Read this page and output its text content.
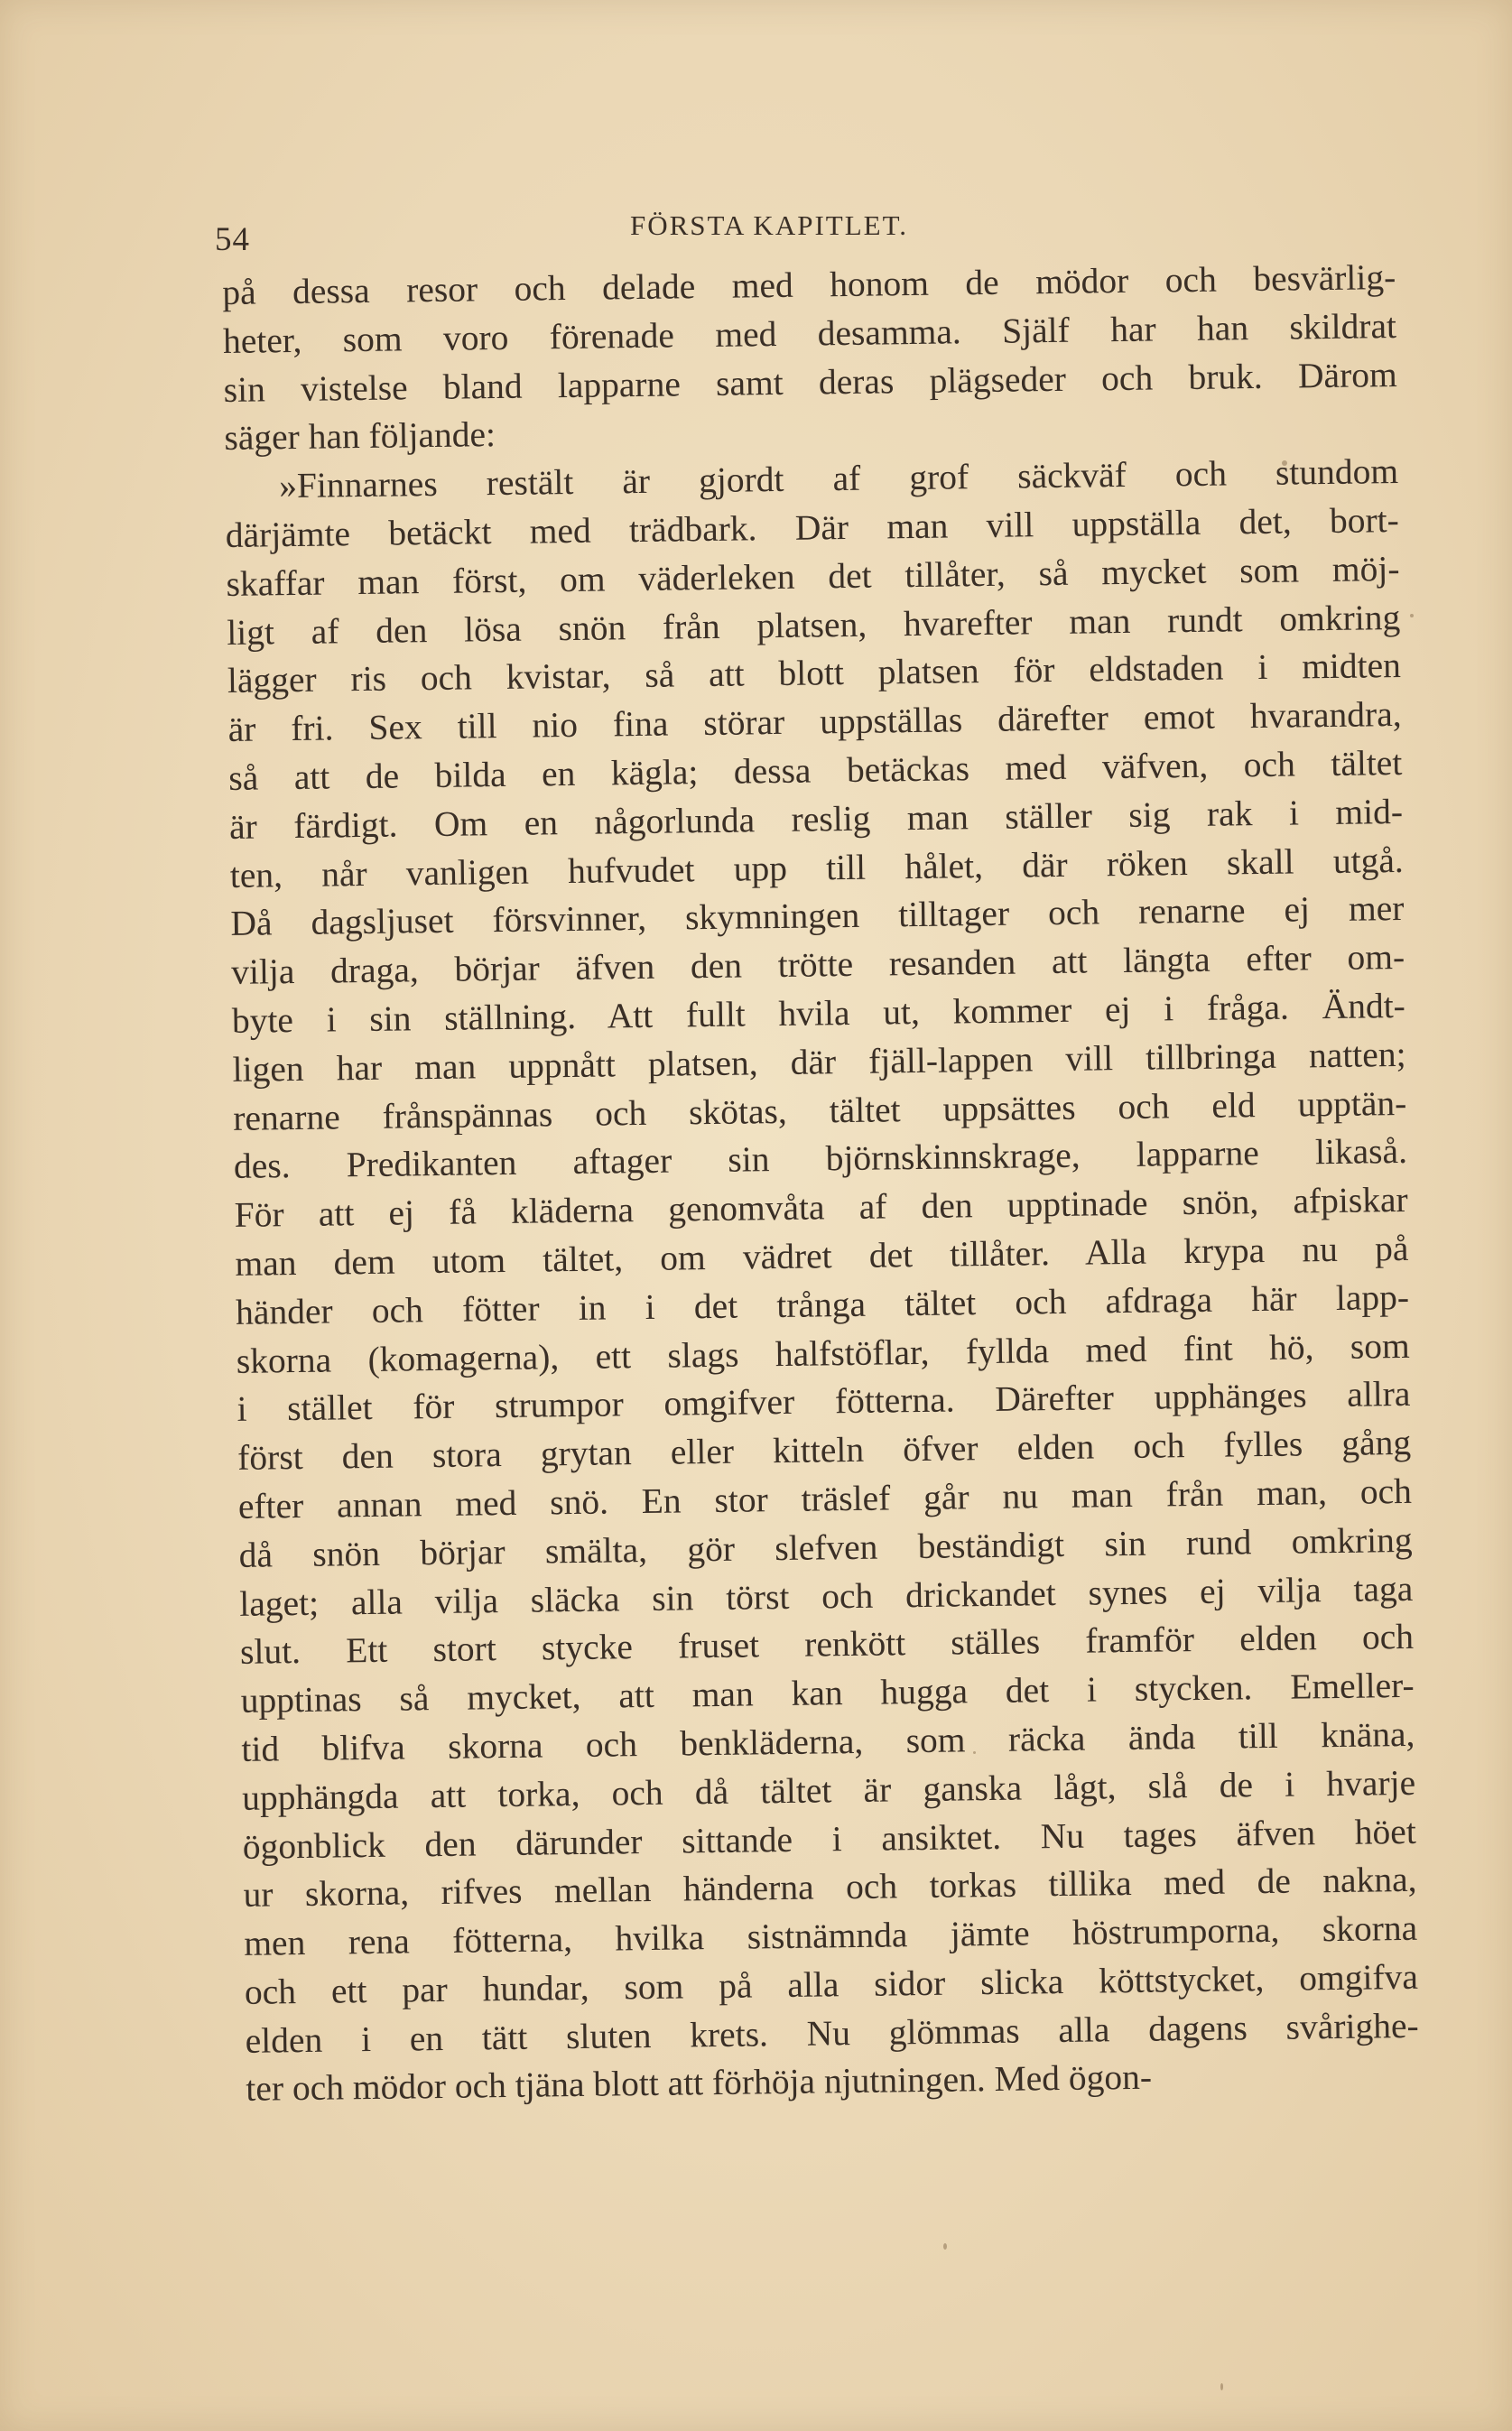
54	FÖRSTA KAPITLET.
på dessa resor och delade med honom de mödor och besvärlig-
heter, som voro förenade med desamma. Själf har han skildrat
sin vistelse bland lapparne samt deras plägseder och bruk. Därom
säger han följande:
»Finnarnes restält är gjordt af grof säckväf och stundom
därjämte betäckt med trädbark. Där man vill uppställa det, bort-
skaffar man först, om väderleken det tillåter, så mycket som möj-
ligt af den lösa snön från platsen, hvarefter man rundt omkring
lägger ris och kvistar, så att blott platsen för eldstaden i midten
är fri. Sex till nio fina störar uppställas därefter emot hvarandra,
så att de bilda en kägla; dessa betäckas med väfven, och tältet
är färdigt. Om en någorlunda reslig man ställer sig rak i mid-
ten, når vanligen hufvudet upp till hålet, där röken skall utgå.
Då dagsljuset försvinner, skymningen tilltager och renarne ej mer
vilja draga, börjar äfven den trötte resanden att längta efter om-
byte i sin ställning. Att fullt hvila ut, kommer ej i fråga. Ändt-
ligen har man uppnått platsen, där fjäll-lappen vill tillbringa natten;
renarne frånspännas och skötas, tältet uppsättes och eld upptän-
des. Predikanten aftager sin björnskinnskrage, lapparne likaså.
För att ej få kläderna genomvåta af den upptinade snön, afpiskar
man dem utom tältet, om vädret det tillåter. Alla krypa nu på
händer och fötter in i det trånga tältet och afdraga här lapp-
skorna (komagerna), ett slags halfstöflar, fyllda med fint hö, som
i stället för strumpor omgifver fötterna. Därefter upphänges allra
först den stora grytan eller kitteln öfver elden och fylles gång
efter annan med snö. En stor träslef går nu man från man, och
då snön börjar smälta, gör slefven beständigt sin rund omkring
laget; alla vilja släcka sin törst och drickandet synes ej vilja taga
slut. Ett stort stycke fruset renkött ställes framför elden och
upptinas så mycket, att man kan hugga det i stycken. Emeller-
tid blifva skorna och benkläderna, som räcka ända till knäna,
upphängda att torka, och då tältet är ganska lågt, slå de i hvarje
ögonblick den därunder sittande i ansiktet. Nu tages äfven höet
ur skorna, rifves mellan händerna och torkas tillika med de nakna,
men rena fötterna, hvilka sistnämnda jämte höstrumporna, skorna
och ett par hundar, som på alla sidor slicka köttstycket, omgifva
elden i en tätt sluten krets. Nu glömmas alla dagens svårighe-
ter och mödor och tjäna blott att förhöja njutningen. Med ögon-
